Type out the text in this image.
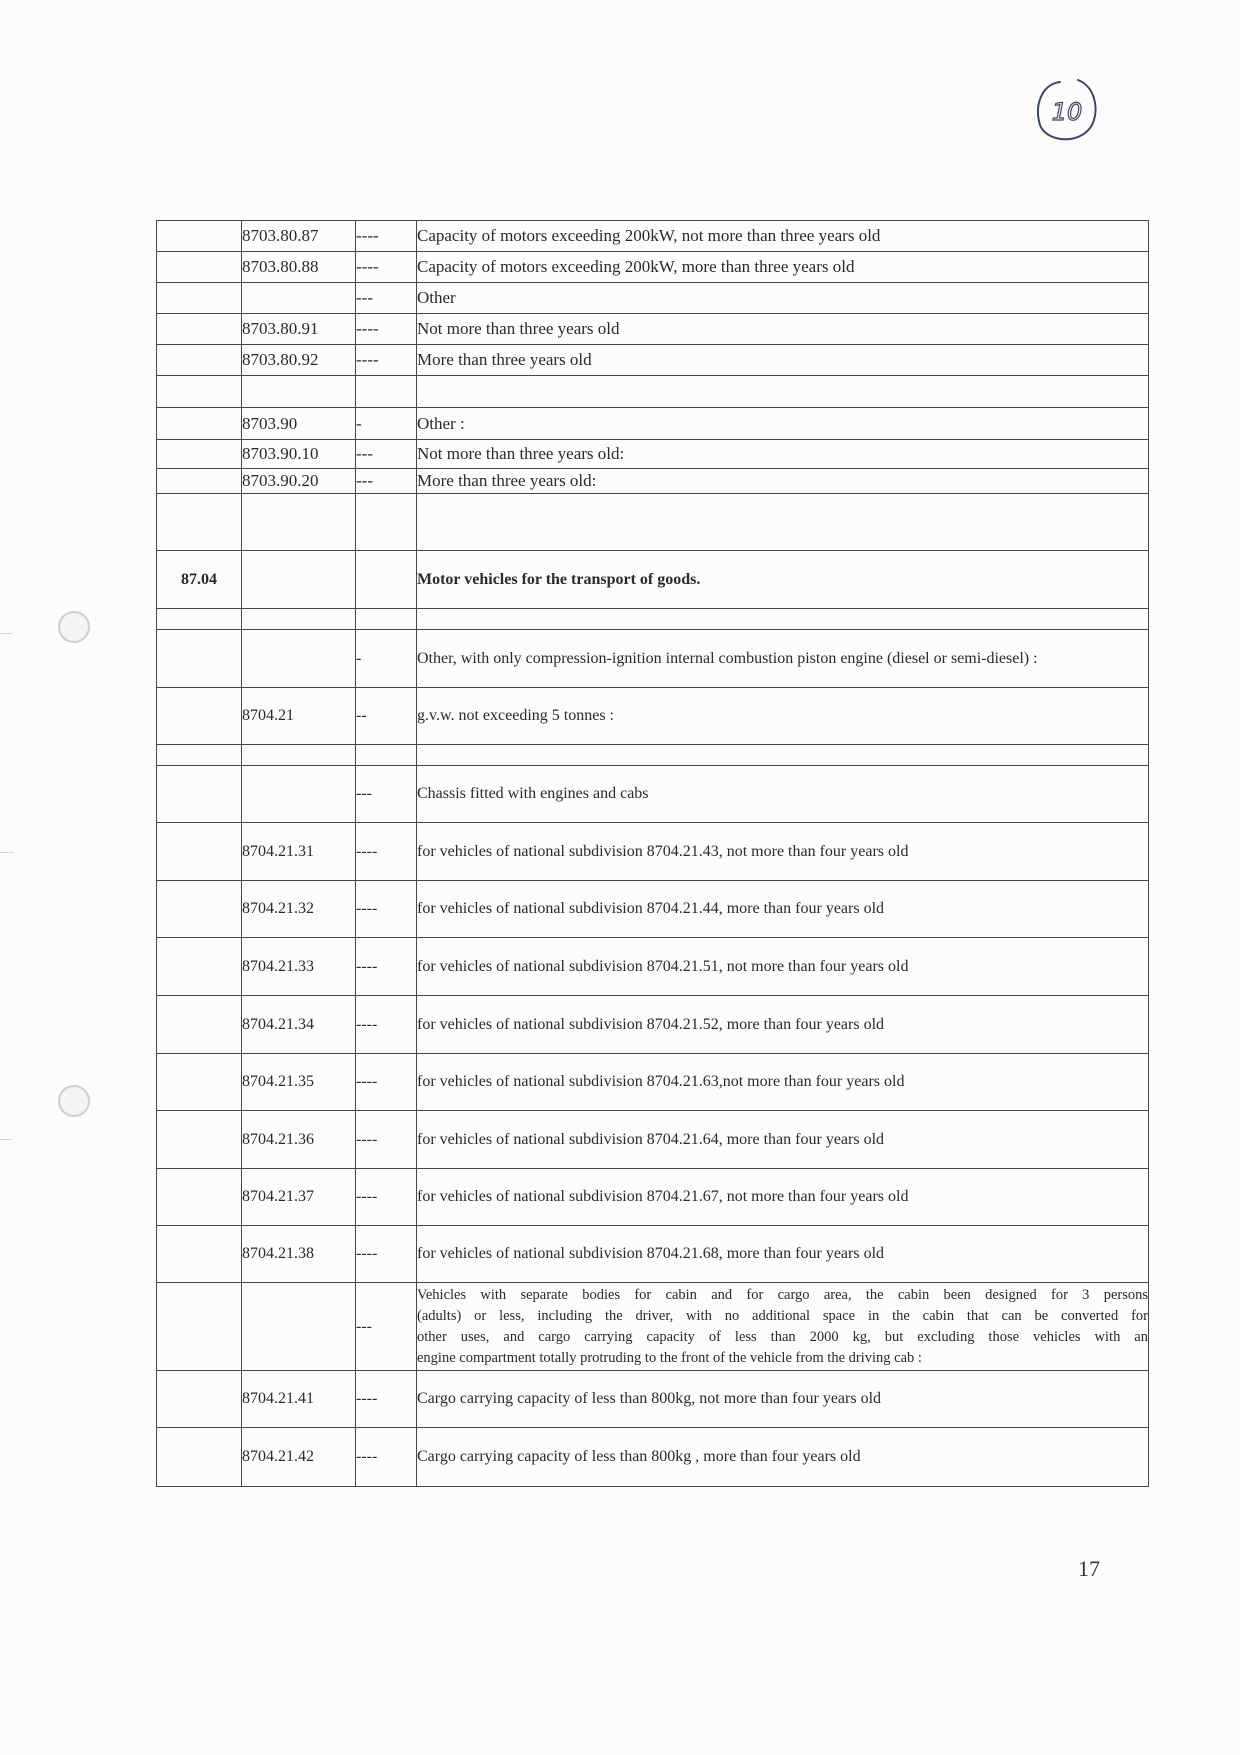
10
	8703.80.87	----	Capacity of motors exceeding 200kW, not more than three years old
	8703.80.88	----	Capacity of motors exceeding 200kW, more than three years old
		---	Other
	8703.80.91	----	Not more than three years old
	8703.80.92	----	More than three years old

	8703.90	-	Other :
	8703.90.10	---	Not more than three years old:
	8703.90.20	---	More than three years old:

87.04			Motor vehicles for the transport of goods.

		-	Other, with only compression-ignition internal combustion piston engine (diesel or semi-diesel) :
	8704.21	--	g.v.w. not exceeding 5 tonnes :

		---	Chassis fitted with engines and cabs
	8704.21.31	----	for vehicles of national subdivision 8704.21.43, not more than four years old
	8704.21.32	----	for vehicles of national subdivision 8704.21.44, more than four years old
	8704.21.33	----	for vehicles of national subdivision 8704.21.51, not more than four years old
	8704.21.34	----	for vehicles of national subdivision 8704.21.52, more than four years old
	8704.21.35	----	for vehicles of national subdivision 8704.21.63,not more than four years old
	8704.21.36	----	for vehicles of national subdivision 8704.21.64, more than four years old
	8704.21.37	----	for vehicles of national subdivision 8704.21.67, not more than four years old
	8704.21.38	----	for vehicles of national subdivision 8704.21.68, more than four years old
		---	Vehicles with separate bodies for cabin and for cargo area, the cabin been designed for 3 persons
(adults) or less, including the driver, with no additional space in the cabin that can be converted for
other uses, and cargo carrying capacity of less than 2000 kg, but excluding those vehicles with an
engine compartment totally protruding to the front of the vehicle from the driving cab :

	8704.21.41	----	Cargo carrying capacity of less than 800kg, not more than four years old
	8704.21.42	----	Cargo carrying capacity of less than 800kg , more than four years old
17
